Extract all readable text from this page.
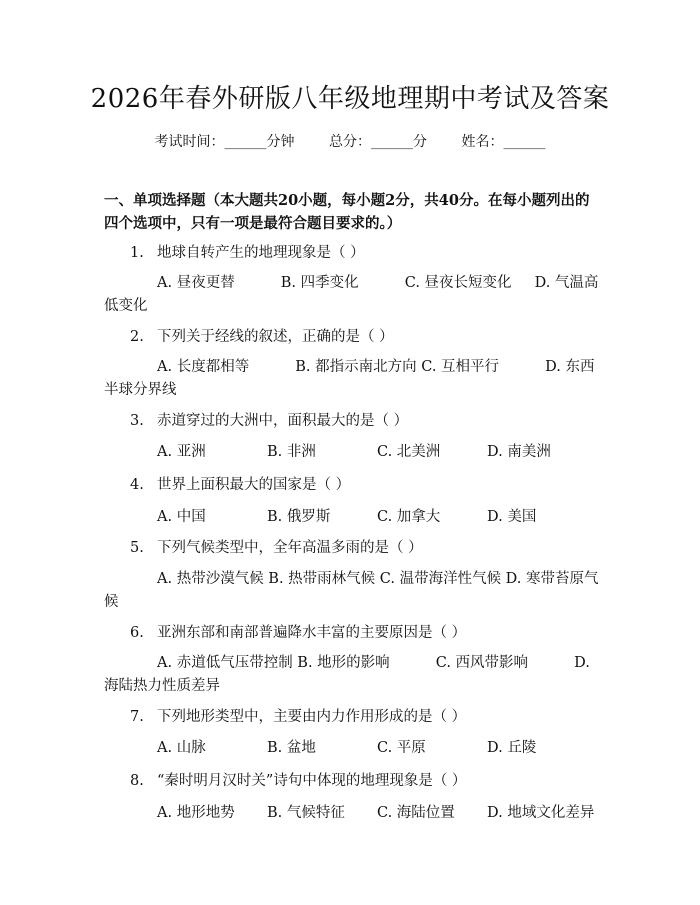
2026年春外研版八年级地理期中考试及答案
考试时间：______分钟 总分：______分 姓名：______
一、单项选择题（本大题共20小题，每小题2分，共40分。在每小题列出的四个选项中，只有一项是最符合题目要求的。）
1. 地球自转产生的地理现象是（ ）
A. 昼夜更替          B. 四季变化          C. 昼夜长短变化     D. 气温高低变化
2. 下列关于经线的叙述，正确的是（ ）
A. 长度都相等          B. 都指示南北方向 C. 互相平行          D. 东西半球分界线
3. 赤道穿过的大洲中，面积最大的是（ ）
A. 亚洲	B. 非洲	C. 北美洲	D. 南美洲
4. 世界上面积最大的国家是（ ）
A. 中国	B. 俄罗斯	C. 加拿大	D. 美国
5. 下列气候类型中，全年高温多雨的是（ ）
A. 热带沙漠气候 B. 热带雨林气候 C. 温带海洋性气候 D. 寒带苔原气候
6. 亚洲东部和南部普遍降水丰富的主要原因是（ ）
A. 赤道低气压带控制 B. 地形的影响          C. 西风带影响          D. 海陆热力性质差异
7. 下列地形类型中，主要由内力作用形成的是（ ）
A. 山脉	B. 盆地	C. 平原	D. 丘陵
8. “秦时明月汉时关”诗句中体现的地理现象是（ ）
A. 地形地势 B. 气候特征 C. 海陆位置 D. 地域文化差异
